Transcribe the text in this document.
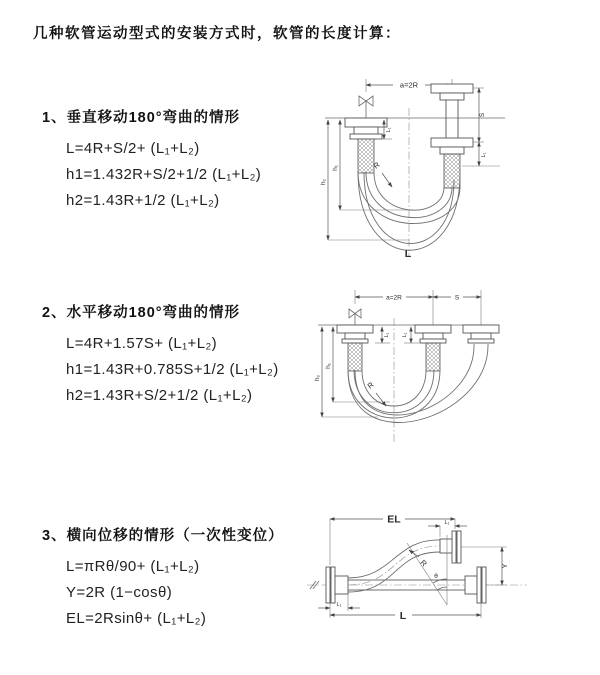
几种软管运动型式的安装方式时，软管的长度计算：
1、垂直移动180°弯曲的情形
L=4R+S/2+ (L₁+L₂)
h1=1.432R+S/2+1/2 (L₁+L₂)
h2=1.43R+1/2 (L₁+L₂)
2、水平移动180°弯曲的情形
L=4R+1.57S+ (L₁+L₂)
h1=1.43R+0.785S+1/2 (L₁+L₂)
h2=1.43R+S/2+1/2 (L₁+L₂)
3、横向位移的情形（一次性变位）
L=πRθ/90+ (L₁+L₂)
Y=2R (1−cosθ)
EL=2Rsinθ+ (L₁+L₂)
a=2R
h₁
h₂
L₁
S
L₁
R
L
a=2R	S
L₁ L₁
h₁
h₂
R
EL	L₁
Y
L₁
L
θ
R
